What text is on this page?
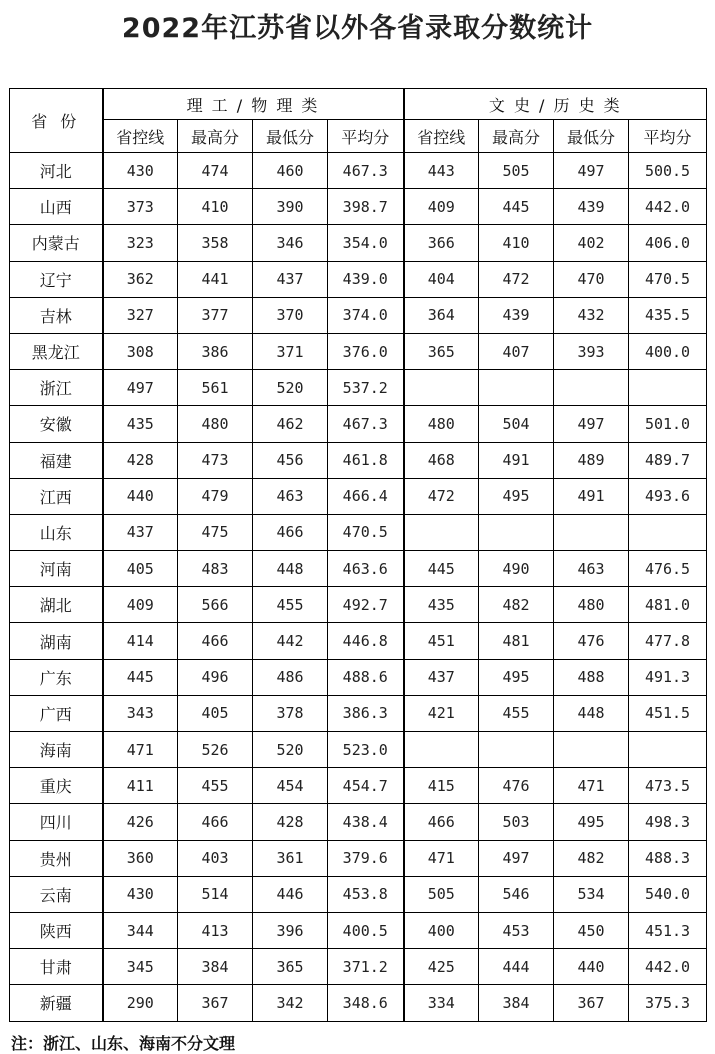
2022年江苏省以外各省录取分数统计
省 份	理 工 / 物 理 类				文 史 / 历 史 类			
	省控线	最高分	最低分	平均分	省控线	最高分	最低分	平均分
河北	430	474	460	467.3	443	505	497	500.5
山西	373	410	390	398.7	409	445	439	442.0
内蒙古	323	358	346	354.0	366	410	402	406.0
辽宁	362	441	437	439.0	404	472	470	470.5
吉林	327	377	370	374.0	364	439	432	435.5
黑龙江	308	386	371	376.0	365	407	393	400.0
浙江	497	561	520	537.2				
安徽	435	480	462	467.3	480	504	497	501.0
福建	428	473	456	461.8	468	491	489	489.7
江西	440	479	463	466.4	472	495	491	493.6
山东	437	475	466	470.5				
河南	405	483	448	463.6	445	490	463	476.5
湖北	409	566	455	492.7	435	482	480	481.0
湖南	414	466	442	446.8	451	481	476	477.8
广东	445	496	486	488.6	437	495	488	491.3
广西	343	405	378	386.3	421	455	448	451.5
海南	471	526	520	523.0				
重庆	411	455	454	454.7	415	476	471	473.5
四川	426	466	428	438.4	466	503	495	498.3
贵州	360	403	361	379.6	471	497	482	488.3
云南	430	514	446	453.8	505	546	534	540.0
陕西	344	413	396	400.5	400	453	450	451.3
甘肃	345	384	365	371.2	425	444	440	442.0
新疆	290	367	342	348.6	334	384	367	375.3
注：浙江、山东、海南不分文理
